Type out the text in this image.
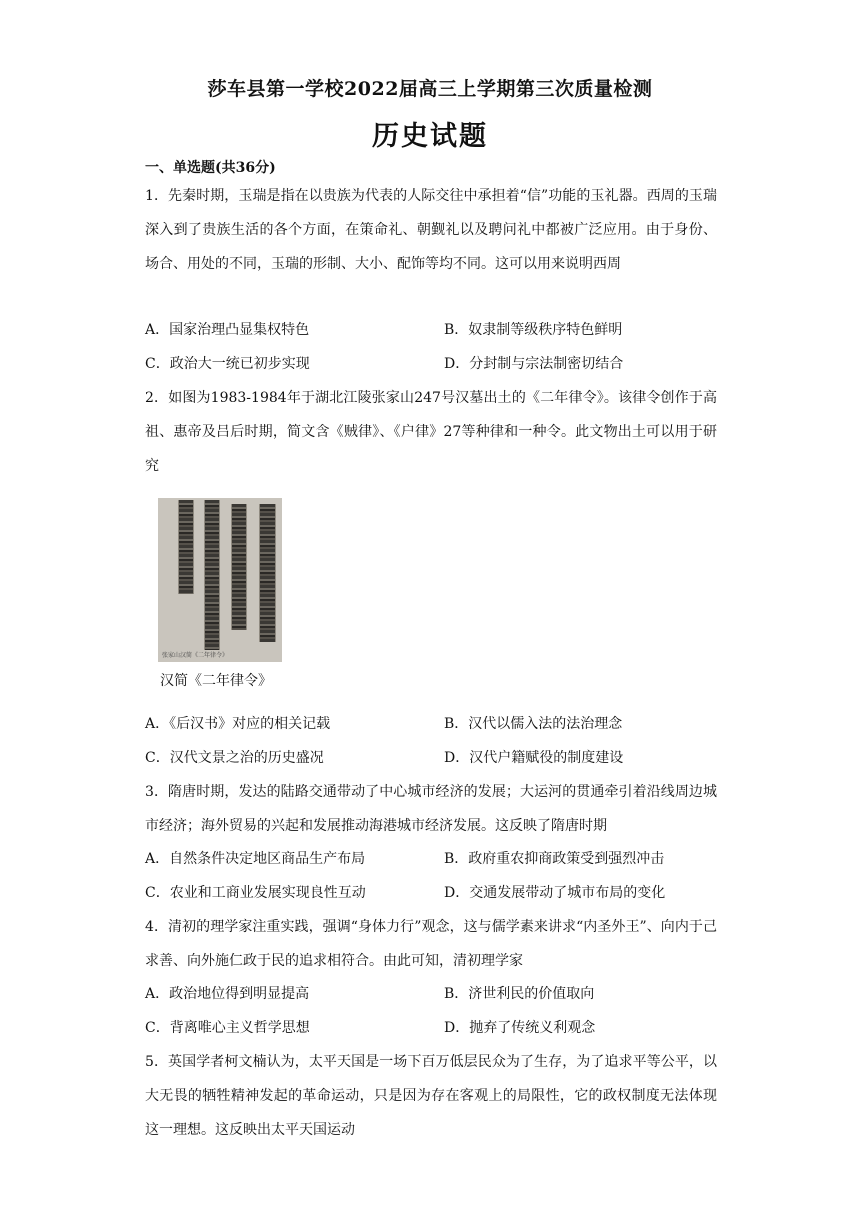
莎车县第一学校2022届高三上学期第三次质量检测
历史试题
一、单选题(共36分)
1．先秦时期，玉瑞是指在以贵族为代表的人际交往中承担着“信”功能的玉礼器。西周的玉瑞深入到了贵族生活的各个方面，在策命礼、朝觐礼以及聘问礼中都被广泛应用。由于身份、场合、用处的不同，玉瑞的形制、大小、配饰等均不同。这可以用来说明西周
A．国家治理凸显集权特色	B．奴隶制等级秩序特色鲜明
C．政治大一统已初步实现	D．分封制与宗法制密切结合
2．如图为1983-1984年于湖北江陵张家山247号汉墓出土的《二年律令》。该律令创作于高祖、惠帝及吕后时期，简文含《贼律》、《户律》27等种律和一种令。此文物出土可以用于研究
张家山汉简《二年律令》
汉简《二年律令》
A．《后汉书》对应的相关记载	B．汉代以儒入法的法治理念
C．汉代文景之治的历史盛况	D．汉代户籍赋役的制度建设
3．隋唐时期，发达的陆路交通带动了中心城市经济的发展；大运河的贯通牵引着沿线周边城市经济；海外贸易的兴起和发展推动海港城市经济发展。这反映了隋唐时期
A．自然条件决定地区商品生产布局	B．政府重农抑商政策受到强烈冲击
C．农业和工商业发展实现良性互动	D．交通发展带动了城市布局的变化
4．清初的理学家注重实践，强调“身体力行”观念，这与儒学素来讲求“内圣外王”、向内于己求善、向外施仁政于民的追求相符合。由此可知，清初理学家
A．政治地位得到明显提高	B．济世利民的价值取向
C．背离唯心主义哲学思想	D．抛弃了传统义利观念
5．英国学者柯文楠认为，太平天国是一场下百万低层民众为了生存，为了追求平等公平，以大无畏的牺牲精神发起的革命运动，只是因为存在客观上的局限性，它的政权制度无法体现这一理想。这反映出太平天国运动
